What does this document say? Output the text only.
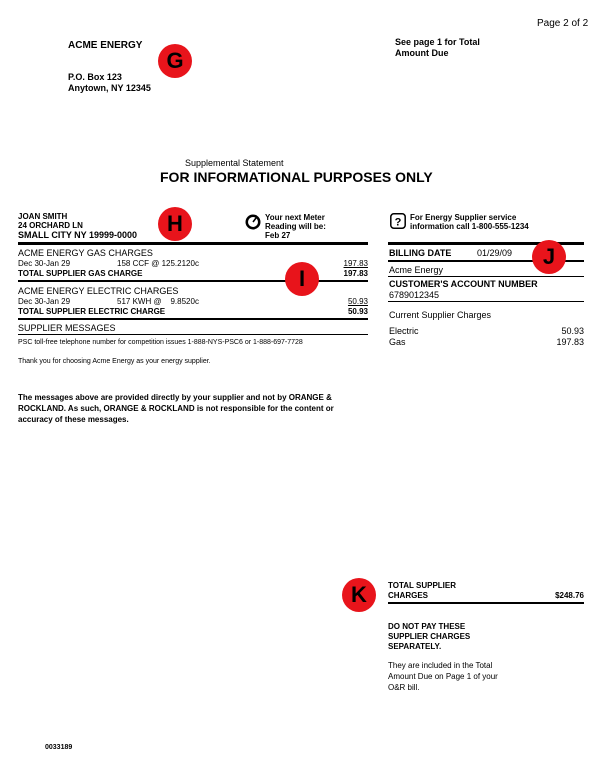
Page 2 of 2
ACME ENERGY
P.O. Box 123
Anytown, NY 12345
G
See page 1 for Total
Amount Due
Supplemental Statement
FOR INFORMATIONAL PURPOSES ONLY
JOAN SMITH
24 ORCHARD LN
SMALL CITY NY 19999-0000	H	Your next Meter
Reading will be:
Feb 27
? For Energy Supplier service
information call 1-800-555-1234
ACME ENERGY GAS CHARGES
Dec 30-Jan 29	158 CCF @ 125.2120c	197.83
TOTAL SUPPLIER GAS CHARGE	197.83
I
ACME ENERGY ELECTRIC CHARGES
Dec 30-Jan 29	517 KWH @    9.8520c	50.93
TOTAL SUPPLIER ELECTRIC CHARGE	50.93
SUPPLIER MESSAGES
PSC toll-free telephone number for competition issues 1-888-NYS-PSC6 or 1-888-697-7728
Thank you for choosing Acme Energy as your energy supplier.
The messages above are provided directly by your supplier and not by ORANGE &
ROCKLAND. As such, ORANGE & ROCKLAND is not responsible for the content or
accuracy of these messages.
BILLING DATE	01/29/09	J
Acme Energy
CUSTOMER'S ACCOUNT NUMBER
6789012345
Current Supplier Charges
Electric	50.93
Gas	197.83
K	TOTAL SUPPLIER
CHARGES	$248.76
DO NOT PAY THESE
SUPPLIER CHARGES
SEPARATELY.
They are included in the Total
Amount Due on Page 1 of your
O&R bill.
0033189
